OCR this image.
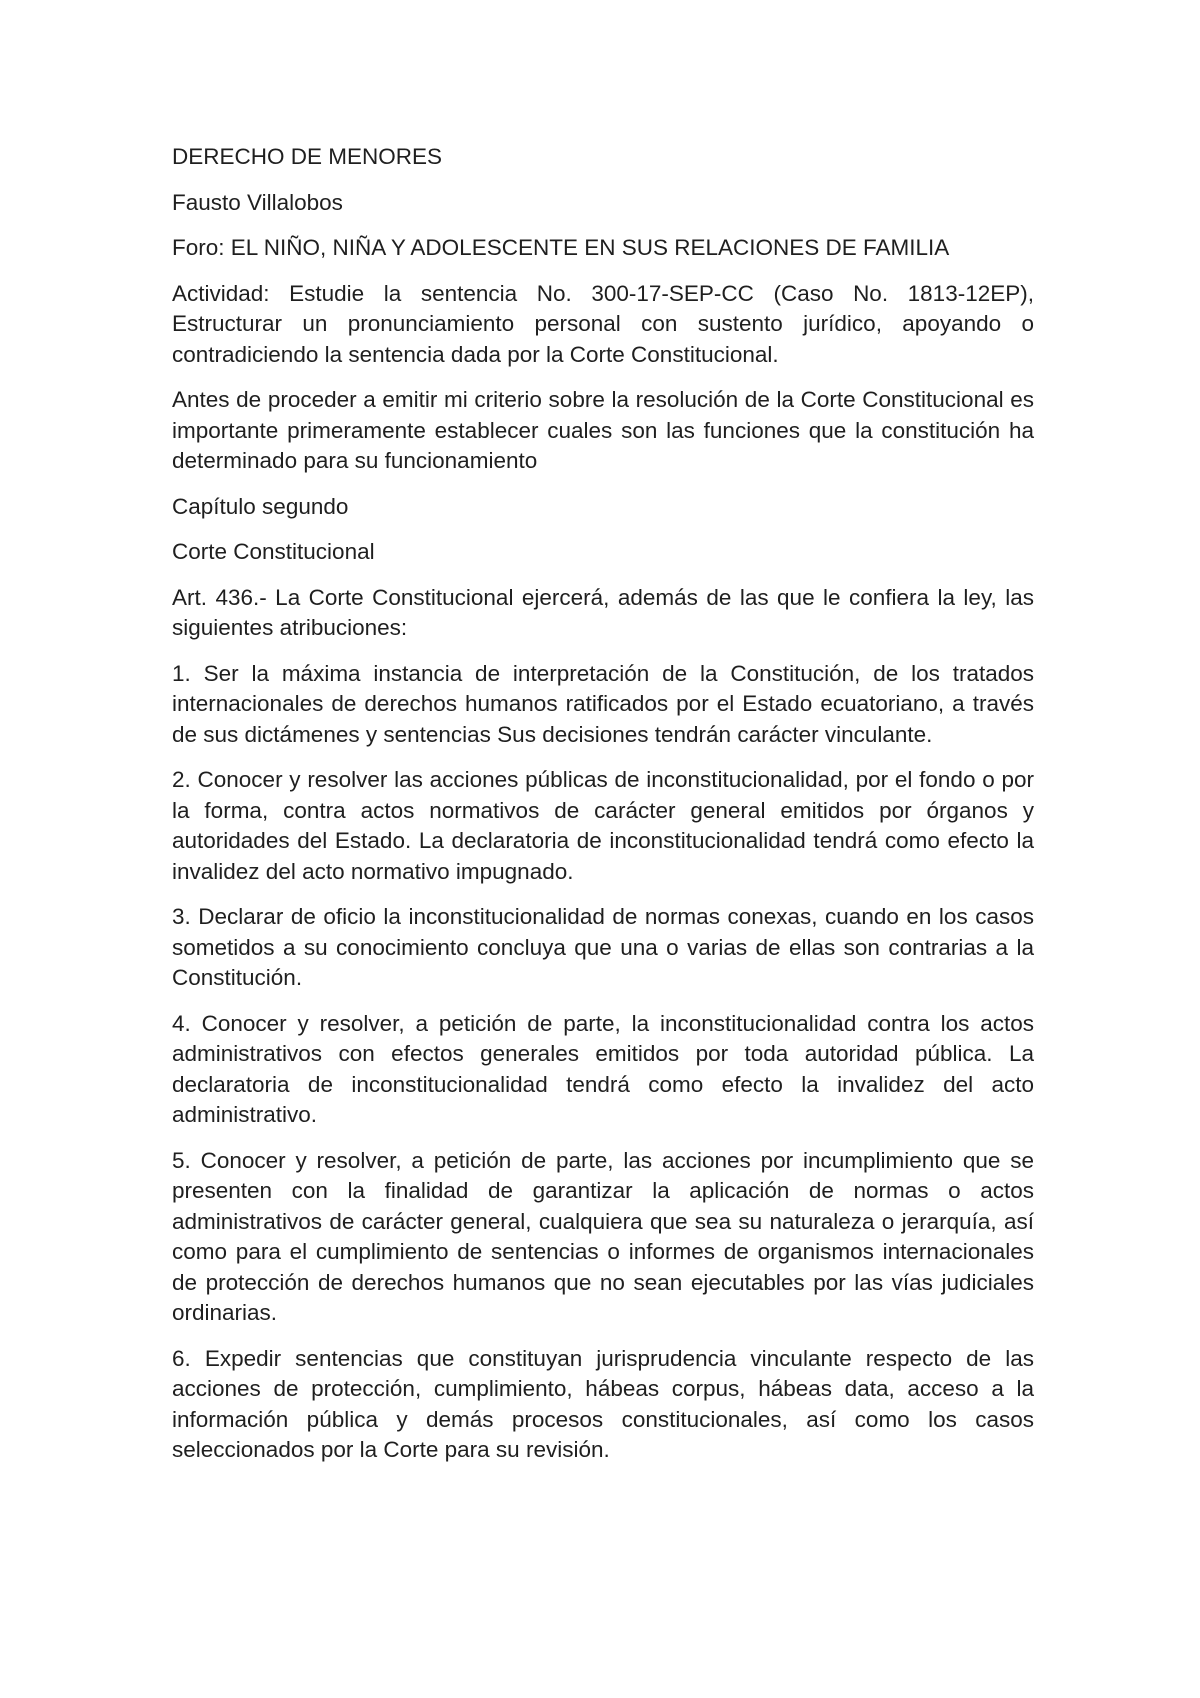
DERECHO DE MENORES

Fausto Villalobos

Foro: EL NIÑO, NIÑA Y ADOLESCENTE EN SUS RELACIONES DE FAMILIA

Actividad: Estudie la sentencia No. 300-17-SEP-CC (Caso No. 1813-12EP), Estructurar un pronunciamiento personal con sustento jurídico, apoyando o contradiciendo la sentencia dada por la Corte Constitucional.

Antes de proceder a emitir mi criterio sobre la resolución de la Corte Constitucional es importante primeramente establecer cuales son las funciones que la constitución ha determinado para su funcionamiento

Capítulo segundo

Corte Constitucional

Art. 436.- La Corte Constitucional ejercerá, además de las que le confiera la ley, las siguientes atribuciones:

1. Ser la máxima instancia de interpretación de la Constitución, de los tratados internacionales de derechos humanos ratificados por el Estado ecuatoriano, a través de sus dictámenes y sentencias Sus decisiones tendrán carácter vinculante.

2. Conocer y resolver las acciones públicas de inconstitucionalidad, por el fondo o por la forma, contra actos normativos de carácter general emitidos por órganos y autoridades del Estado. La declaratoria de inconstitucionalidad tendrá como efecto la invalidez del acto normativo impugnado.

3. Declarar de oficio la inconstitucionalidad de normas conexas, cuando en los casos sometidos a su conocimiento concluya que una o varias de ellas son contrarias a la Constitución.

4. Conocer y resolver, a petición de parte, la inconstitucionalidad contra los actos administrativos con efectos generales emitidos por toda autoridad pública. La declaratoria de inconstitucionalidad tendrá como efecto la invalidez del acto administrativo.

5. Conocer y resolver, a petición de parte, las acciones por incumplimiento que se presenten con la finalidad de garantizar la aplicación de normas o actos administrativos de carácter general, cualquiera que sea su naturaleza o jerarquía, así como para el cumplimiento de sentencias o informes de organismos internacionales de protección de derechos humanos que no sean ejecutables por las vías judiciales ordinarias.

6. Expedir sentencias que constituyan jurisprudencia vinculante respecto de las acciones de protección, cumplimiento, hábeas corpus, hábeas data, acceso a la información pública y demás procesos constitucionales, así como los casos seleccionados por la Corte para su revisión.
